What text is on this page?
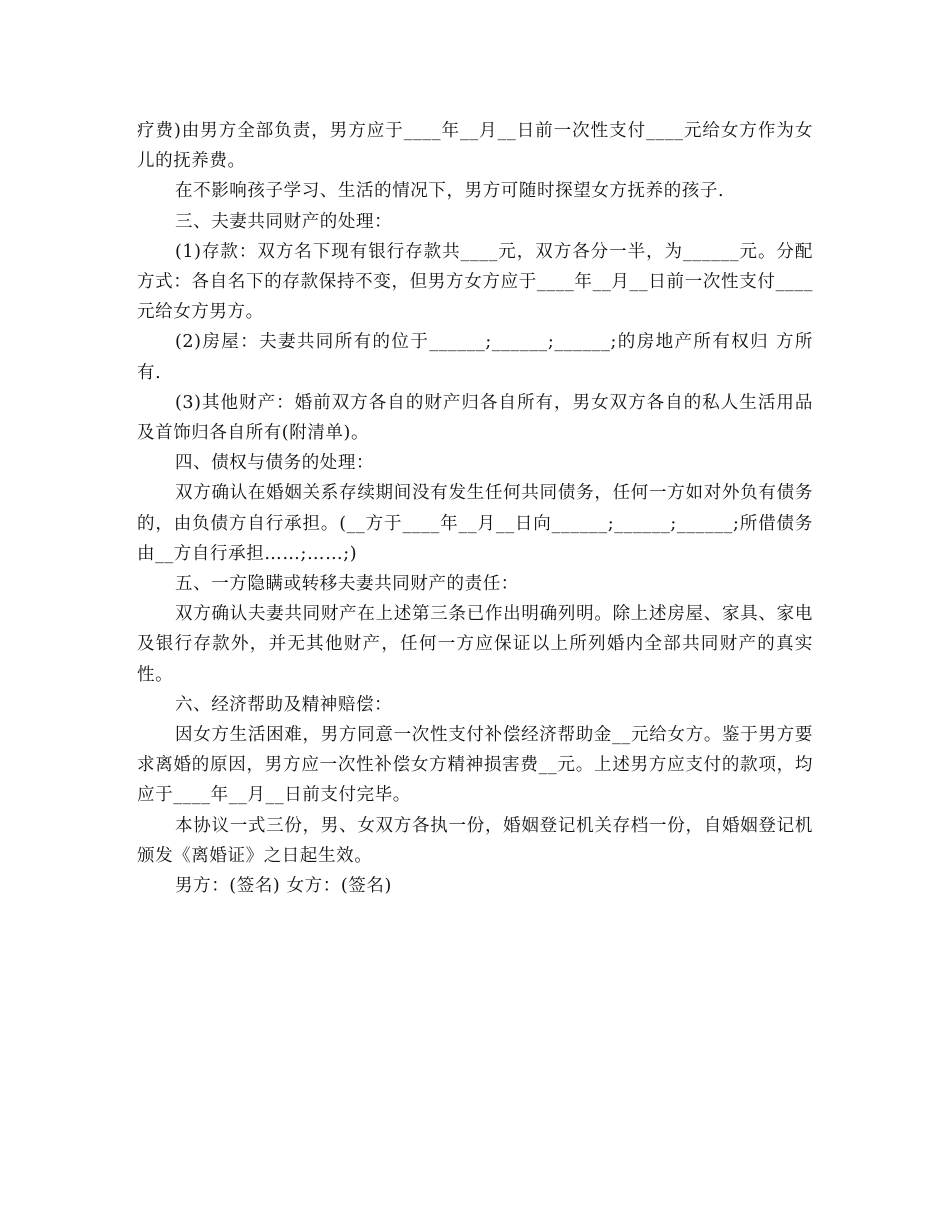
疗费)由男方全部负责，男方应于____年__月__日前一次性支付____元给女方作为女儿的抚养费。

在不影响孩子学习、生活的情况下，男方可随时探望女方抚养的孩子.

三、夫妻共同财产的处理：

(1)存款：双方名下现有银行存款共____元，双方各分一半，为______元。分配方式：各自名下的存款保持不变，但男方女方应于____年__月__日前一次性支付____元给女方男方。

(2)房屋：夫妻共同所有的位于______;______;______;的房地产所有权归 方所有.

(3)其他财产：婚前双方各自的财产归各自所有，男女双方各自的私人生活用品及首饰归各自所有(附清单)。

四、债权与债务的处理：

双方确认在婚姻关系存续期间没有发生任何共同债务，任何一方如对外负有债务的，由负债方自行承担。(__方于____年__月__日向______;______;______;所借债务由__方自行承担……;……;)

五、一方隐瞒或转移夫妻共同财产的责任：

双方确认夫妻共同财产在上述第三条已作出明确列明。除上述房屋、家具、家电及银行存款外，并无其他财产，任何一方应保证以上所列婚内全部共同财产的真实性。

六、经济帮助及精神赔偿：

因女方生活困难，男方同意一次性支付补偿经济帮助金__元给女方。鉴于男方要求离婚的原因，男方应一次性补偿女方精神损害费__元。上述男方应支付的款项，均应于____年__月__日前支付完毕。

本协议一式三份，男、女双方各执一份，婚姻登记机关存档一份，自婚姻登记机颁发《离婚证》之日起生效。

男方：(签名) 女方：(签名)
